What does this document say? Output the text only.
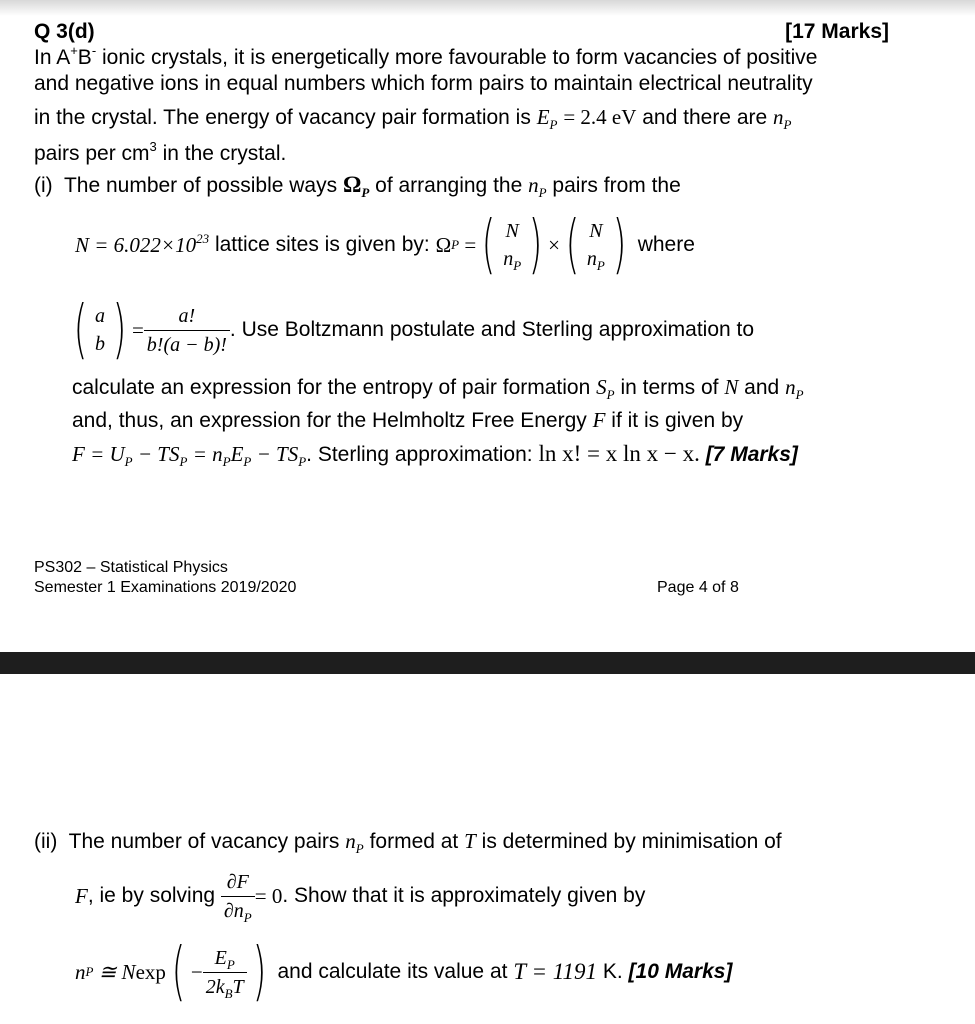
Q 3(d)	[17 Marks]
In A+B- ionic crystals, it is energetically more favourable to form vacancies of positive
and negative ions in equal numbers which form pairs to maintain electrical neutrality
in the crystal. The energy of vacancy pair formation is $E_P = 2.4$ eV and there are $n_P$
pairs per $cm^3$ in the crystal.
(i) The number of possible ways $\Omega_P$ of arranging the $n_P$ pairs from the
$N = 6.022\times 10^{23}$
lattice sites is given by:
Ω P = ( N
$n_P$ ) × ( N
$n_P$ )
where
( a
b ) = $\frac{a!}{b!(a - b)!}$ . Use Boltzmann postulate and Sterling approximation to
calculate an expression for the entropy of pair formation $S_P$ in terms of N and $n_P$
and, thus, an expression for the Helmholtz Free Energy F if it is given by
$F = U_P - TS_P = n_PE_P - TS_P$. Sterling approximation: ln x! = x ln x − x. [7 Marks]
PS302 – Statistical Physics
Semester 1 Examinations 2019/2020	Page 4 of 8
(ii) The number of vacancy pairs $n_P$ formed at T is determined by minimisation of
F , ie by solving
$\frac{\partial F}{\partial n_P} = 0$ . Show that it is approximately given by
n P ≅ N exp ( − $\frac{E_P}{2k_BT}$ )
and calculate its value at
T = 1191
K.
[10 Marks]
